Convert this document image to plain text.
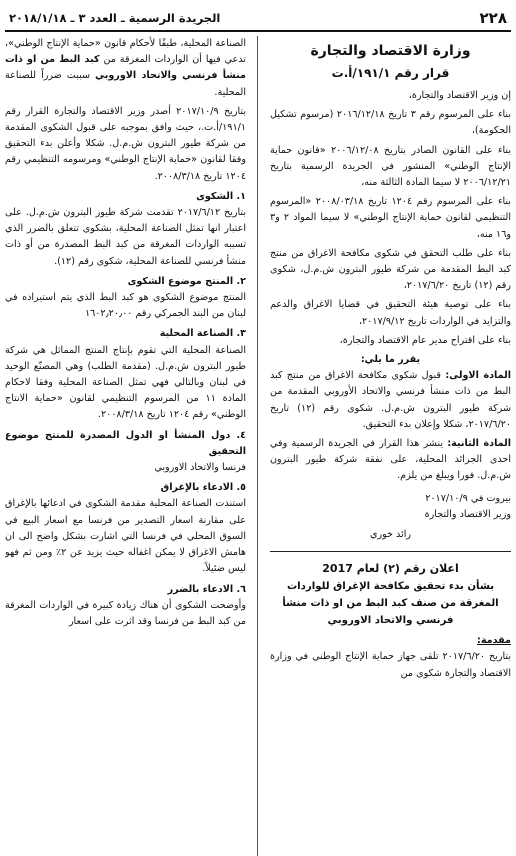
٢٢٨
الجريدة الرسمية ـ العدد ٣ ـ ٢٠١٨/١/١٨
وزارة الاقتصاد والتجارة
قرار رقم ١٩١/١/أ.ت

إن وزير الاقتصاد والتجارة،

بناء على المرسوم رقم ٣ تاريخ ٢٠١٦/١٢/١٨ (مرسوم تشكيل الحكومة)،

بناء على القانون الصادر بتاريخ ٢٠٠٦/١٢/٠٨ «قانون حماية الإنتاج الوطني» المنشور في الجريدة الرسمية بتاريخ ٢٠٠٦/١٢/٢١ لا سيما المادة الثالثة منه،

بناء على المرسوم رقم ١٢٠٤ تاريخ ٢٠٠٨/٠٣/١٨ «المرسوم التنظيمي لقانون حماية الإنتاج الوطني» لا سيما المواد ٢ و٣ و١٦ منه،

بناء على طلب التحقق في شكوى مكافحة الاغراق من منتج كبد البط المقدمة من شركة طيور البترون ش.م.ل، شكوى رقم (١٢) تاريخ ٢٠١٧/٦/٢٠،

بناء على توصية هيئة التحقيق في قضايا الاغراق والدعم والتزايد في الواردات تاريخ ٢٠١٧/٩/١٢،

بناء على اقتراح مدير عام الاقتصاد والتجارة،

يقرر ما يلي:

المادة الاولى: قبول شكوى مكافحة الاغراق من منتج كبد البط من ذات منشأ فرنسي والاتحاد الأوروبي المقدمة من شركة طيور البترون ش.م.ل. شكوى رقم (١٢) تاريخ ٢٠١٧/٦/٢٠، شكلا وإعلان بدء التحقيق.

المادة الثانية: ينشر هذا القرار في الجريدة الرسمية وفي احدى الجرائد المحلية، على نفقة شركة طيور البترون ش.م.ل. فورا ويبلغ من يلزم.

بيروت في ٢٠١٧/١٠/٩
وزير الاقتصاد والتجارة
رائد خوري
اعلان رقم (٢) لعام 2017
بشأن بدء تحقيق مكافحة الإغراق للواردات المغرقة من صنف كبد البط من او ذات منشأ فرنسي والاتحاد الاوروبي
مقدمة:

بتاريخ ٢٠١٧/٦/٢٠ تلقى جهاز حماية الإنتاج الوطني في وزارة الاقتصاد والتجارة شكوى من

الصناعة المحلية، طبقًا لأحكام قانون «حماية الإنتاج الوطني»، تدعي فيها أن الواردات المغرقة من كبد البط من او ذات منشأ فرنسي والاتحاد الاوروبي سببت ضرراً للصناعة المحلية.

بتاريخ ٢٠١٧/١٠/٩ أصدر وزير الاقتصاد والتجارة القرار رقم ١٩١/١/أ.ت.، حيث وافق بموجبه على قبول الشكوى المقدمة من شركة طيور البترون ش.م.ل. شكلا وأعلن بدء التحقيق وفقا لقانون «حماية الإنتاج الوطني» ومرسومه التنظيمي رقم ١٢٠٤ تاريخ ٢٠٠٨/٣/١٨.

١. الشكوى

بتاريخ ٢٠١٧/٦/١٢ تقدمت شركة طيور البترون ش.م.ل. على اعتبار انها تمثل الصناعة المحلية، بشكوى تتعلق بالضرر الذي تسببه الواردات المغرقة من كبد البط المصدرة من أو ذات منشأ فرنسي للصناعة المحلية، شكوى رقم (١٢).

٢. المنتج موضوع الشكوى

المنتج موضوع الشكوى هو كبد البط الذي يتم استيراده في لبنان من البند الجمركي رقم ١٦٠٢٫٢٠٫٠٠

٣. الصناعة المحلية

الصناعة المحلية التي تقوم بإنتاج المنتج المماثل هي شركة طيور البترون ش.م.ل. (مقدمة الطلب) وهي المصنّع الوحيد في لبنان وبالتالي فهي تمثل الصناعة المحلية وفقا لاحكام المادة ١١ من المرسوم التنظيمي لقانون «حماية الانتاج الوطني» رقم ١٢٠٤ تاريخ ٢٠٠٨/٣/١٨.

٤. دول المنشأ او الدول المصدرة للمنتج موضوع التحقيق

فرنسا والاتحاد الاوروبي

٥. الادعاء بالإغراق

استندت الصناعة المحلية مقدمة الشكوى في ادعائها بالإغراق على مقارنة اسعار التصدير من فرنسا مع اسعار البيع في السوق المحلي في فرنسا التي اشارت بشكل واضح الى ان هامش الاغراق لا يمكن اغفاله حيث يزيد عن ٢٪ ومن ثم فهو ليس ضئيلاً.

٦. الادعاء بالضرر

وأوضحت الشكوى أن هناك زيادة كبيرة في الواردات المغرقة من كبد البط من فرنسا وقد اثرت على اسعار
